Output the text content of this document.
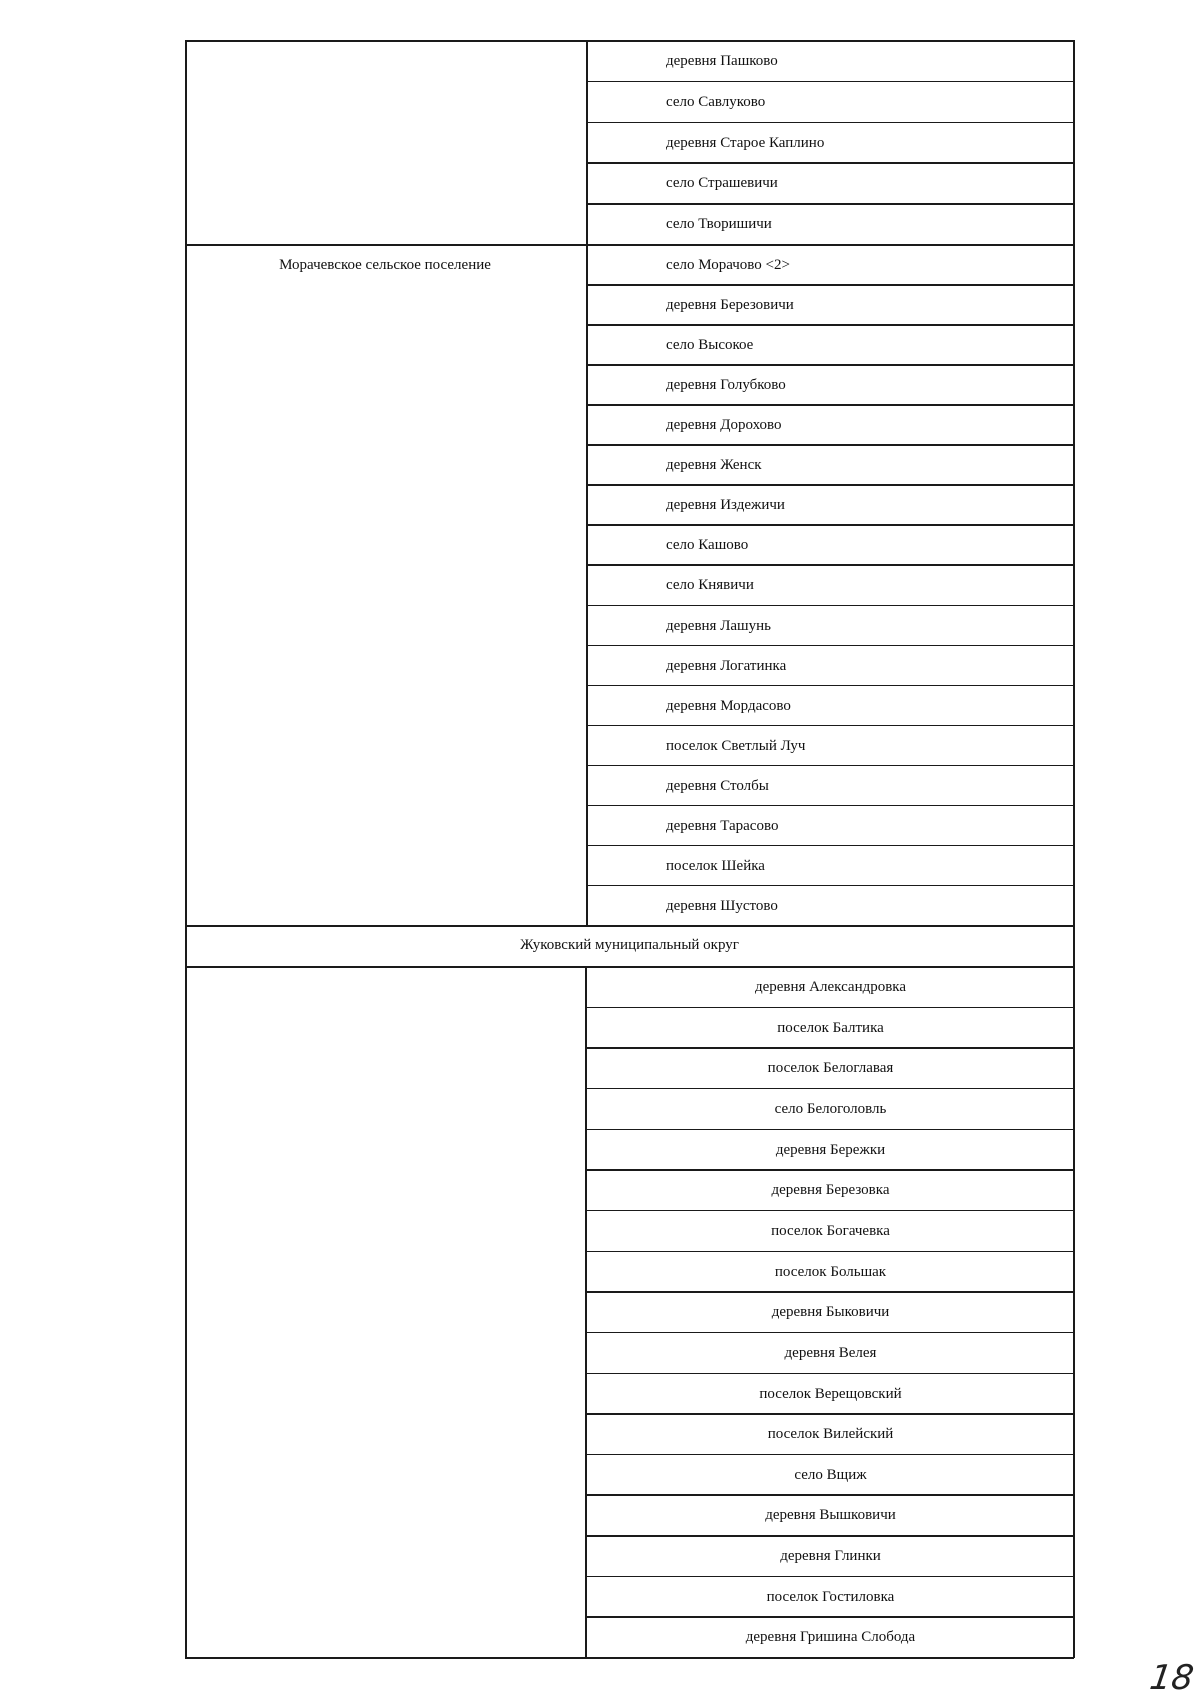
Морачевское сельское поселение
Жуковский муниципальный округ
деревня Пашково
село Савлуково
деревня Старое Каплино
село Страшевичи
село Творишичи
село Морачово <2>
деревня Березовичи
село Высокое
деревня Голубково
деревня Дорохово
деревня Женск
деревня Издежичи
село Кашово
село Княвичи
деревня Лашунь
деревня Логатинка
деревня Мордасово
поселок Светлый Луч
деревня Столбы
деревня Тарасово
поселок Шейка
деревня Шустово
деревня Александровка
поселок Балтика
поселок Белоглавая
село Белоголовль
деревня Бережки
деревня Березовка
поселок Богачевка
поселок Большак
деревня Быковичи
деревня Велея
поселок Верещовский
поселок Вилейский
село Вщиж
деревня Вышковичи
деревня Глинки
поселок Гостиловка
деревня Гришина Слобода
18
